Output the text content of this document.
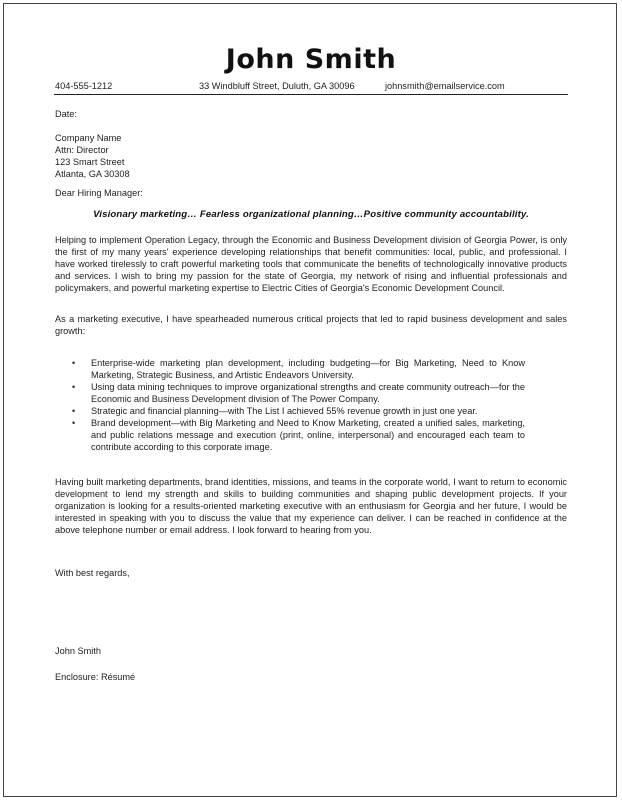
John Smith
404-555-1212	33 Windbluff Street, Duluth, GA 30096	johnsmith@emailservice.com
Date:
Company Name
Attn: Director
123 Smart Street
Atlanta, GA 30308
Dear Hiring Manager:
Visionary marketing… Fearless organizational planning…Positive community accountability.
Helping to implement Operation Legacy, through the Economic and Business Development division of Georgia Power, is only the first of my many years' experience developing relationships that benefit communities: local, public, and professional. I have worked tirelessly to craft powerful marketing tools that communicate the benefits of technologically innovative products and services. I wish to bring my passion for the state of Georgia, my network of rising and influential professionals and policymakers, and powerful marketing expertise to Electric Cities of Georgia's Economic Development Council.
As a marketing executive, I have spearheaded numerous critical projects that led to rapid business development and sales growth:
• Enterprise-wide marketing plan development, including budgeting—for Big Marketing, Need to Know Marketing, Strategic Business, and Artistic Endeavors University.
• Using data mining techniques to improve organizational strengths and create community outreach—for the Economic and Business Development division of The Power Company.
• Strategic and financial planning—with The List I achieved 55% revenue growth in just one year.
• Brand development—with Big Marketing and Need to Know Marketing, created a unified sales, marketing, and public relations message and execution (print, online, interpersonal) and encouraged each team to contribute according to this corporate image.
Having built marketing departments, brand identities, missions, and teams in the corporate world, I want to return to economic development to lend my strength and skills to building communities and shaping public development projects. If your organization is looking for a results-oriented marketing executive with an enthusiasm for Georgia and her future, I would be interested in speaking with you to discuss the value that my experience can deliver. I can be reached in confidence at the above telephone number or email address. I look forward to hearing from you.
With best regards,
John Smith
Enclosure: Résumé
